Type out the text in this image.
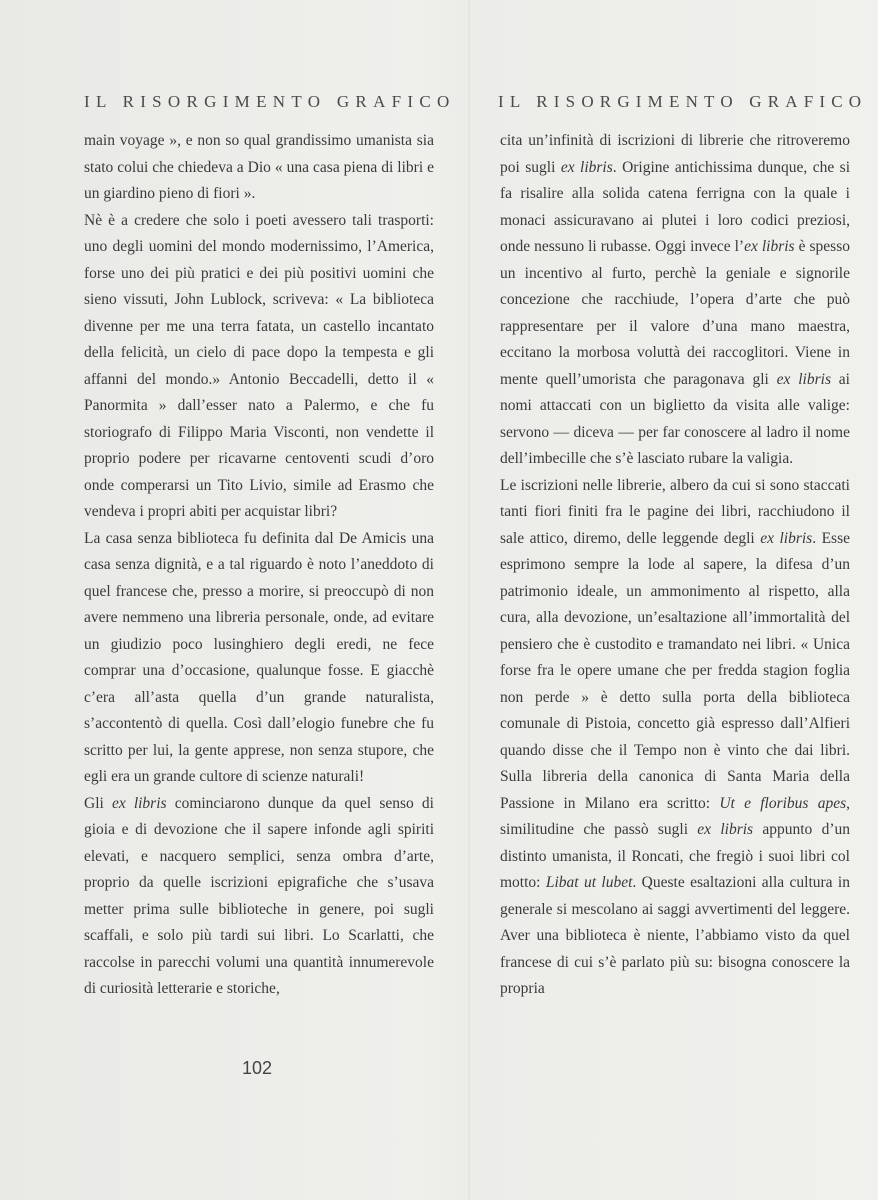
IL RISORGIMENTO GRAFICO IL RISORGIMENTO GRAFICO

main voyage », e non so qual grandissimo umanista sia stato colui che chiedeva a Dio « una casa piena di libri e un giardino pieno di fiori ».

Nè è a credere che solo i poeti avessero tali trasporti: uno degli uomini del mondo modernissimo, l’America, forse uno dei più pratici e dei più positivi uomini che sieno vissuti, John Lublock, scriveva: « La biblioteca divenne per me una terra fatata, un castello incantato della felicità, un cielo di pace dopo la tempesta e gli affanni del mondo.» Antonio Beccadelli, detto il « Panormita » dall’esser nato a Palermo, e che fu storiografo di Filippo Maria Visconti, non vendette il proprio podere per ricavarne centoventi scudi d’oro onde comperarsi un Tito Livio, simile ad Erasmo che vendeva i propri abiti per acquistar libri?

La casa senza biblioteca fu definita dal De Amicis una casa senza dignità, e a tal riguardo è noto l’aneddoto di quel francese che, presso a morire, si preoccupò di non avere nemmeno una libreria personale, onde, ad evitare un giudizio poco lusinghiero degli eredi, ne fece comprar una d’occasione, qualunque fosse. E giacchè c’era all’asta quella d’un grande naturalista, s’accontentò di quella. Così dall’elogio funebre che fu scritto per lui, la gente apprese, non senza stupore, che egli era un grande cultore di scienze naturali!

Gli ex libris cominciarono dunque da quel senso di gioia e di devozione che il sapere infonde agli spiriti elevati, e nacquero semplici, senza ombra d’arte, proprio da quelle iscrizioni epigrafiche che s’usava metter prima sulle biblioteche in genere, poi sugli scaffali, e solo più tardi sui libri. Lo Scarlatti, che raccolse in parecchi volumi una quantità innumerevole di curiosità letterarie e storiche,

cita un’infinità di iscrizioni di librerie che ritroveremo poi sugli ex libris. Origine antichissima dunque, che si fa risalire alla solida catena ferrigna con la quale i monaci assicuravano ai plutei i loro codici preziosi, onde nessuno li rubasse. Oggi invece l’ex libris è spesso un incentivo al furto, perchè la geniale e signorile concezione che racchiude, l’opera d’arte che può rappresentare per il valore d’una mano maestra, eccitano la morbosa voluttà dei raccoglitori. Viene in mente quell’umorista che paragonava gli ex libris ai nomi attaccati con un biglietto da visita alle valige: servono — diceva — per far conoscere al ladro il nome dell’imbecille che s’è lasciato rubare la valigia.

Le iscrizioni nelle librerie, albero da cui si sono staccati tanti fiori finiti fra le pagine dei libri, racchiudono il sale attico, diremo, delle leggende degli ex libris. Esse esprimono sempre la lode al sapere, la difesa d’un patrimonio ideale, un ammonimento al rispetto, alla cura, alla devozione, un’esaltazione all’immortalità del pensiero che è custodito e tramandato nei libri. « Unica forse fra le opere umane che per fredda stagion foglia non perde » è detto sulla porta della biblioteca comunale di Pistoia, concetto già espresso dall’Alfieri quando disse che il Tempo non è vinto che dai libri. Sulla libreria della canonica di Santa Maria della Passione in Milano era scritto: Ut e floribus apes, similitudine che passò sugli ex libris appunto d’un distinto umanista, il Roncati, che fregiò i suoi libri col motto: Libat ut lubet. Queste esaltazioni alla cultura in generale si mescolano ai saggi avvertimenti del leggere. Aver una biblioteca è niente, l’abbiamo visto da quel francese di cui s’è parlato più su: bisogna conoscere la propria

102
